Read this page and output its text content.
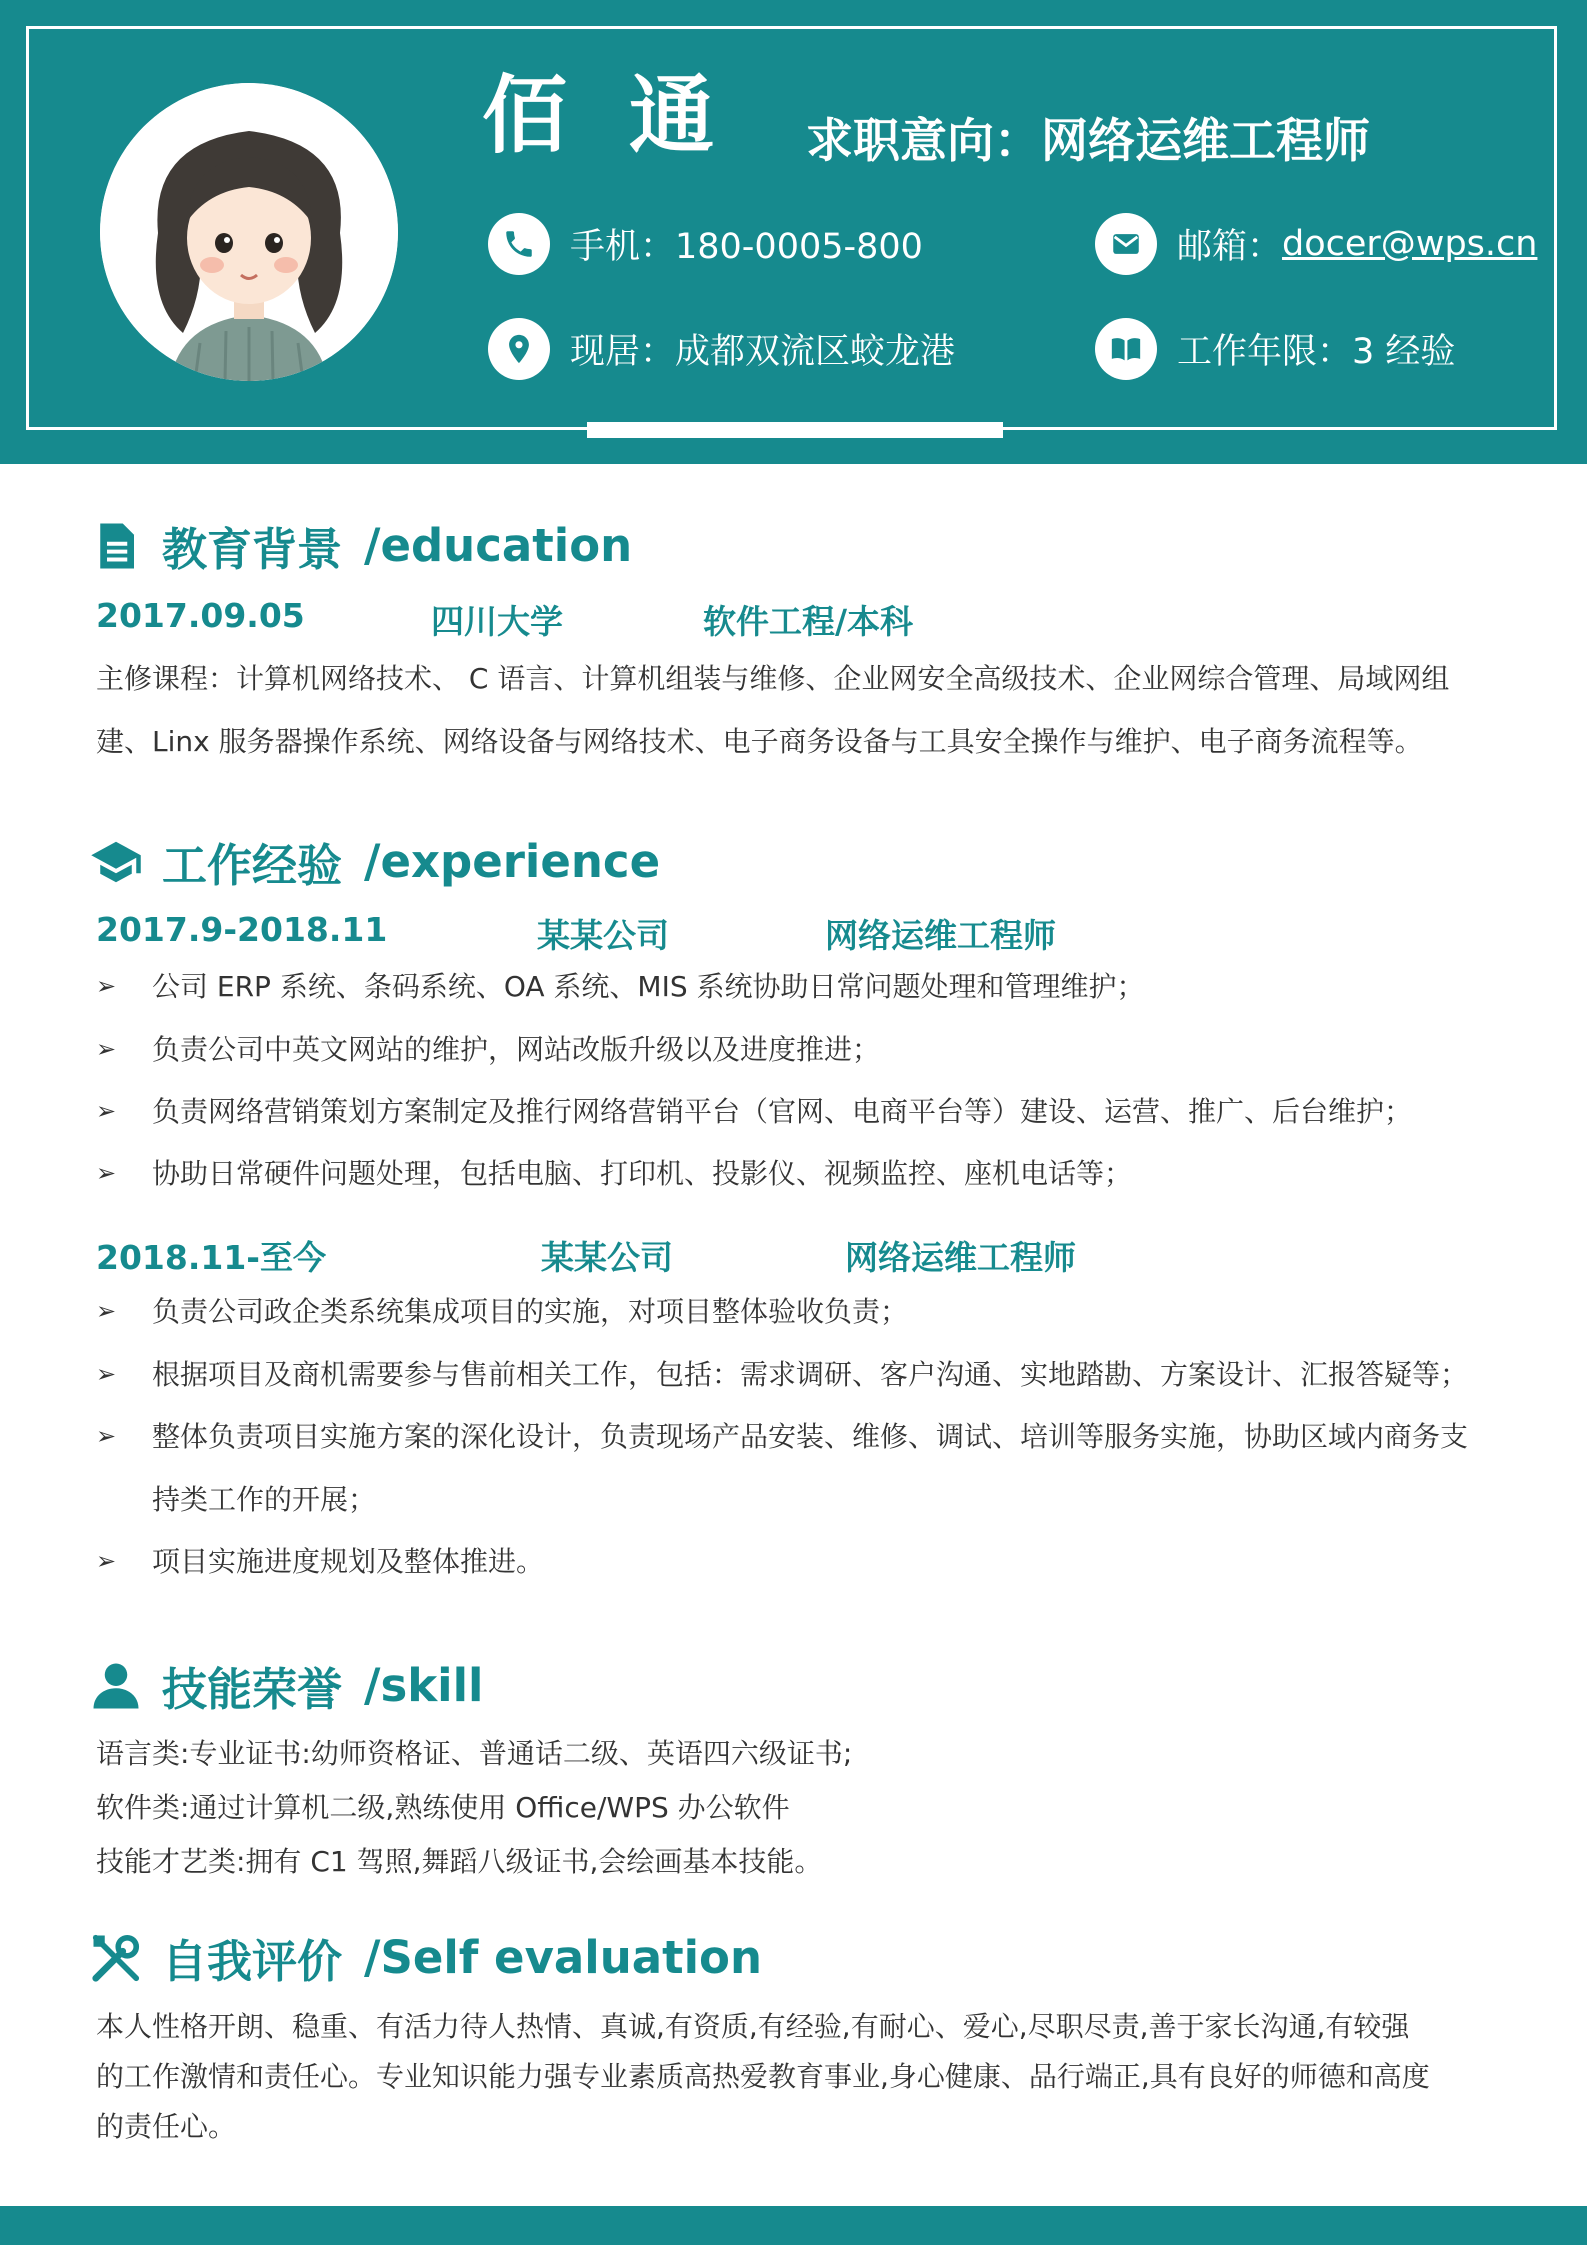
佰通 求职意向：网络运维工程师
手机：180-0005-800	邮箱： docer@wps.cn
现居：成都双流区蛟龙港	工作年限：3 经验
教育背景 /education
2017.09.05	四川大学	软件工程/本科
主修课程：计算机网络技术、 C 语言、计算机组装与维修、企业网安全高级技术、企业网综合管理、局域网组
建、Linx 服务器操作系统、网络设备与网络技术、电子商务设备与工具安全操作与维护、电子商务流程等。
工作经验 /experience
2017.9-2018.11	某某公司	网络运维工程师
➢ 公司 ERP 系统、条码系统、OA 系统、MIS 系统协助日常问题处理和管理维护；
➢ 负责公司中英文网站的维护，网站改版升级以及进度推进；
➢ 负责网络营销策划方案制定及推行网络营销平台（官网、电商平台等）建设、运营、推广、后台维护；
➢ 协助日常硬件问题处理，包括电脑、打印机、投影仪、视频监控、座机电话等；
2018.11-至今	某某公司	网络运维工程师
➢ 负责公司政企类系统集成项目的实施，对项目整体验收负责；
➢ 根据项目及商机需要参与售前相关工作，包括：需求调研、客户沟通、实地踏勘、方案设计、汇报答疑等；
➢ 整体负责项目实施方案的深化设计，负责现场产品安装、维修、调试、培训等服务实施，协助区域内商务支
持类工作的开展；
➢ 项目实施进度规划及整体推进。
技能荣誉 /skill
语言类:专业证书:幼师资格证、普通话二级、英语四六级证书;
软件类:通过计算机二级,熟练使用 Office/WPS 办公软件
技能才艺类:拥有 C1 驾照,舞蹈八级证书,会绘画基本技能。
自我评价 /Self evaluation
本人性格开朗、稳重、有活力待人热情、真诚,有资质,有经验,有耐心、爱心,尽职尽责,善于家长沟通,有较强
的工作激情和责任心。专业知识能力强专业素质高热爱教育事业,身心健康、品行端正,具有良好的师德和高度
的责任心。
